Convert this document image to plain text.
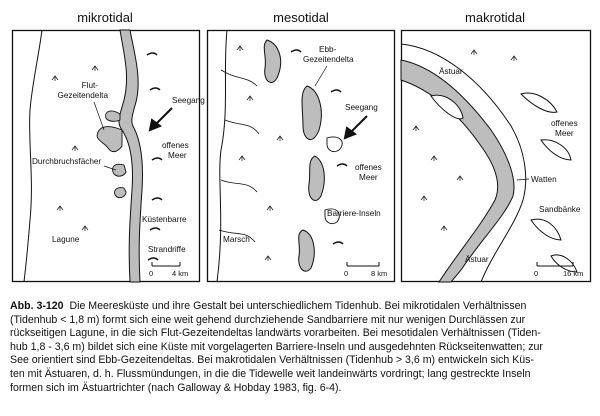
mikrotidal	mesotidal	makrotidal
Flut-
Gezeitendelta
Seegang
offenes
Meer
Durchbruchsfächer
Küstenbarre
Lagune
Strandriffe
0	4 km
Ebb-
Gezeitendelta
Seegang
offenes
Meer
Barriere-Inseln
Marsch
0	8 km
Ästuar
offenes
Meer
Watten
Sandbänke
Ästuar
0	16 km
Abb. 3-120 Die Meeresküste und ihre Gestalt bei unterschiedlichem Tidenhub. Bei mikrotidalen Verhältnissen
(Tidenhub < 1,8 m) formt sich eine weit gehend durchziehende Sandbarriere mit nur wenigen Durchlässen zur
rückseitigen Lagune, in die sich Flut-Gezeitendeltas landwärts vorarbeiten. Bei mesotidalen Verhältnissen (Tiden-
hub 1,8 - 3,6 m) bildet sich eine Küste mit vorgelagerten Barriere-Inseln und ausgedehnten Rückseitenwatten; zur
See orientiert sind Ebb-Gezeitendeltas. Bei makrotidalen Verhältnissen (Tidenhub > 3,6 m) entwickeln sich Küs-
ten mit Ästuaren, d. h. Flussmündungen, in die die Tidewelle weit landeinwärts vordringt; lang gestreckte Inseln
formen sich im Ästuartrichter (nach Galloway & Hobday 1983, fig. 6-4).
